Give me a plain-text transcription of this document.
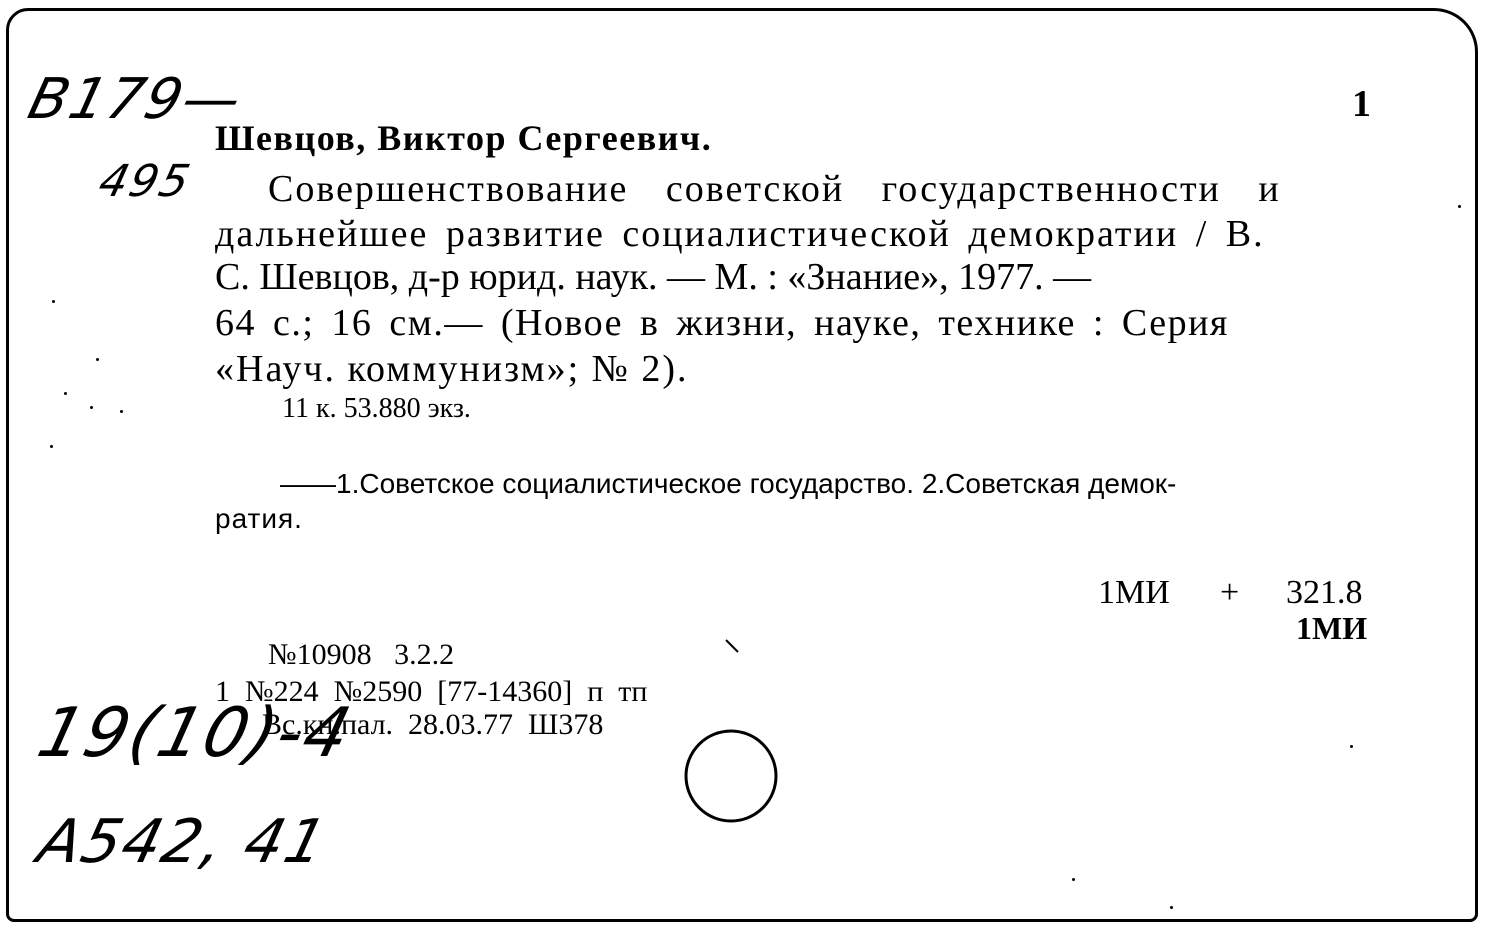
В179—
495
1
Шевцов, Виктор Сергеевич.
Совершенствование советской государственности и
дальнейшее развитие социалистической демократии / В.
С. Шевцов, д-р юрид. наук. — М. : «Знание», 1977. —
64 с.; 16 см.— (Новое в жизни, науке, технике : Серия
«Науч. коммунизм»; № 2).
11 к. 53.880 экз.
——1.Советское социалистическое государство. 2.Советская демок-
ратия.
1МИ + 321.8
1МИ
№10908   3.2.2
1  №224  №2590  [77-14360]  п  тп
Вс.кн.пал.  28.03.77  Ш378
19(10)-4
А542, 41
